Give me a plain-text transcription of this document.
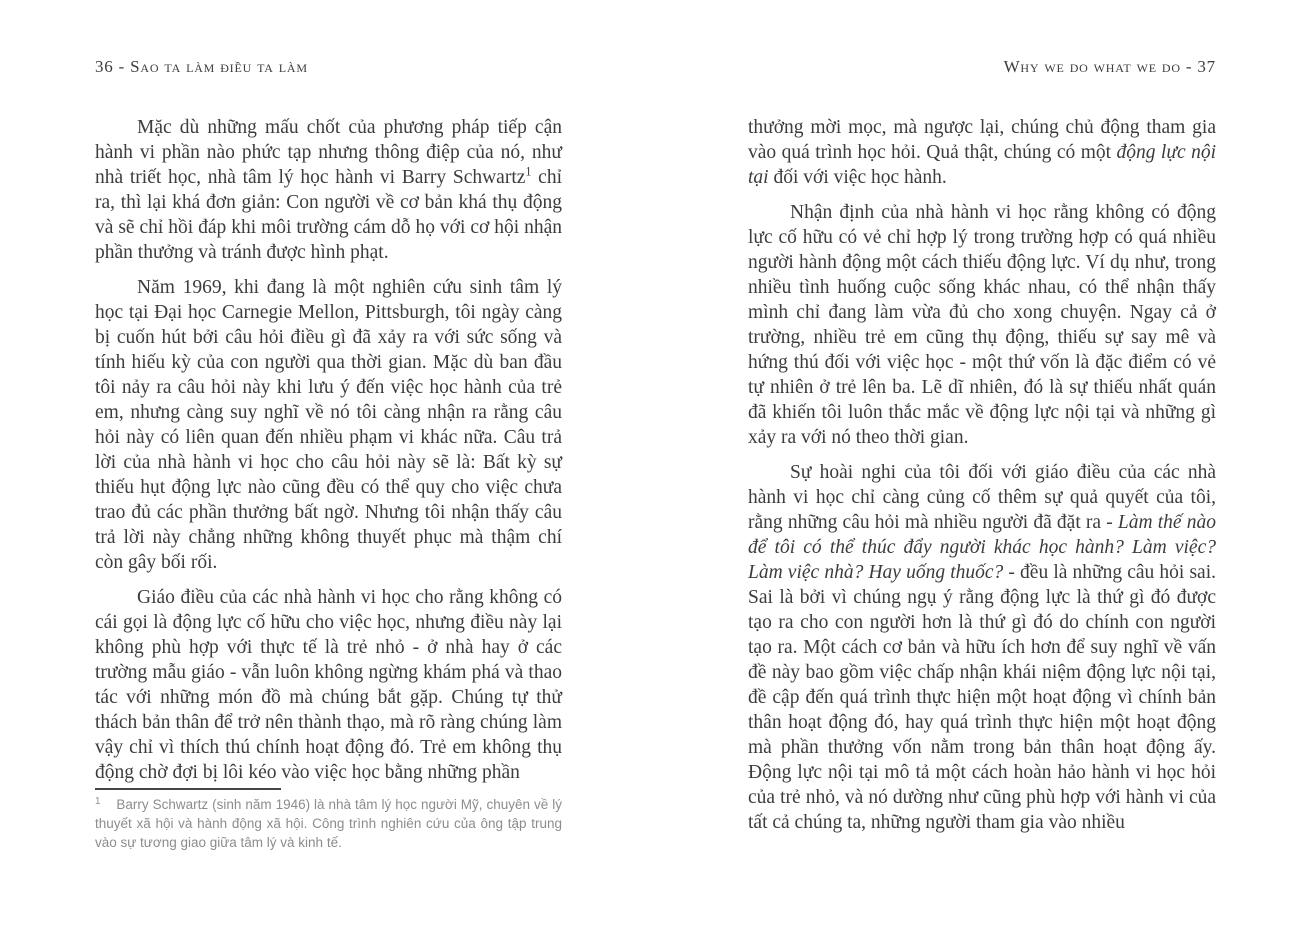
36 - Sao ta làm điều ta làm

Mặc dù những mấu chốt của phương pháp tiếp cận hành vi phần nào phức tạp nhưng thông điệp của nó, như nhà triết học, nhà tâm lý học hành vi Barry Schwartz$^1$ chỉ ra, thì lại khá đơn giản: Con người về cơ bản khá thụ động và sẽ chỉ hồi đáp khi môi trường cám dỗ họ với cơ hội nhận phần thưởng và tránh được hình phạt.

Năm 1969, khi đang là một nghiên cứu sinh tâm lý học tại Đại học Carnegie Mellon, Pittsburgh, tôi ngày càng bị cuốn hút bởi câu hỏi điều gì đã xảy ra với sức sống và tính hiếu kỳ của con người qua thời gian. Mặc dù ban đầu tôi nảy ra câu hỏi này khi lưu ý đến việc học hành của trẻ em, nhưng càng suy nghĩ về nó tôi càng nhận ra rằng câu hỏi này có liên quan đến nhiều phạm vi khác nữa. Câu trả lời của nhà hành vi học cho câu hỏi này sẽ là: Bất kỳ sự thiếu hụt động lực nào cũng đều có thể quy cho việc chưa trao đủ các phần thưởng bất ngờ. Nhưng tôi nhận thấy câu trả lời này chẳng những không thuyết phục mà thậm chí còn gây bối rối.

Giáo điều của các nhà hành vi học cho rằng không có cái gọi là động lực cố hữu cho việc học, nhưng điều này lại không phù hợp với thực tế là trẻ nhỏ - ở nhà hay ở các trường mẫu giáo - vẫn luôn không ngừng khám phá và thao tác với những món đồ mà chúng bắt gặp. Chúng tự thử thách bản thân để trở nên thành thạo, mà rõ ràng chúng làm vậy chỉ vì thích thú chính hoạt động đó. Trẻ em không thụ động chờ đợi bị lôi kéo vào việc học bằng những phần

$^1$ Barry Schwartz (sinh năm 1946) là nhà tâm lý học người Mỹ, chuyên về lý thuyết xã hội và hành động xã hội. Công trình nghiên cứu của ông tập trung vào sự tương giao giữa tâm lý và kinh tế.

Why we do what we do - 37

thưởng mời mọc, mà ngược lại, chúng chủ động tham gia vào quá trình học hỏi. Quả thật, chúng có một động lực nội tại đối với việc học hành.

Nhận định của nhà hành vi học rằng không có động lực cố hữu có vẻ chỉ hợp lý trong trường hợp có quá nhiều người hành động một cách thiếu động lực. Ví dụ như, trong nhiều tình huống cuộc sống khác nhau, có thể nhận thấy mình chỉ đang làm vừa đủ cho xong chuyện. Ngay cả ở trường, nhiều trẻ em cũng thụ động, thiếu sự say mê và hứng thú đối với việc học - một thứ vốn là đặc điểm có vẻ tự nhiên ở trẻ lên ba. Lẽ dĩ nhiên, đó là sự thiếu nhất quán đã khiến tôi luôn thắc mắc về động lực nội tại và những gì xảy ra với nó theo thời gian.

Sự hoài nghi của tôi đối với giáo điều của các nhà hành vi học chỉ càng củng cố thêm sự quả quyết của tôi, rằng những câu hỏi mà nhiều người đã đặt ra - Làm thế nào để tôi có thể thúc đẩy người khác học hành? Làm việc? Làm việc nhà? Hay uống thuốc? - đều là những câu hỏi sai. Sai là bởi vì chúng ngụ ý rằng động lực là thứ gì đó được tạo ra cho con người hơn là thứ gì đó do chính con người tạo ra. Một cách cơ bản và hữu ích hơn để suy nghĩ về vấn đề này bao gồm việc chấp nhận khái niệm động lực nội tại, đề cập đến quá trình thực hiện một hoạt động vì chính bản thân hoạt động đó, hay quá trình thực hiện một hoạt động mà phần thưởng vốn nằm trong bản thân hoạt động ấy. Động lực nội tại mô tả một cách hoàn hảo hành vi học hỏi của trẻ nhỏ, và nó dường như cũng phù hợp với hành vi của tất cả chúng ta, những người tham gia vào nhiều
